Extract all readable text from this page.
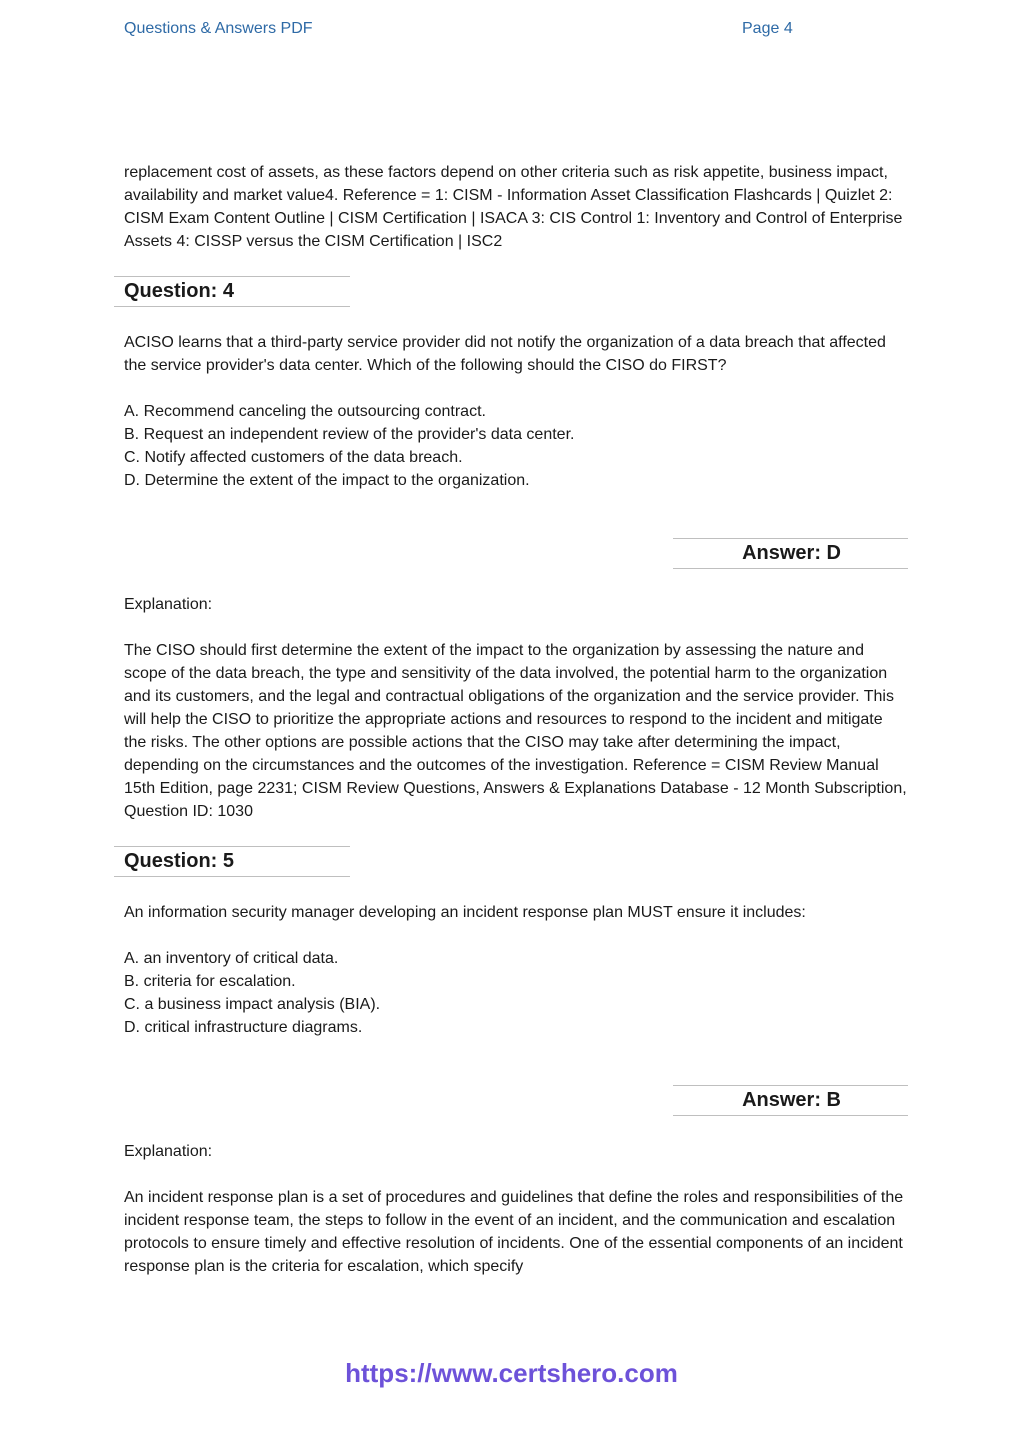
Questions & Answers PDF	Page 4

replacement cost of assets, as these factors depend on other criteria such as risk appetite, business impact, availability and market value4. Reference = 1: CISM - Information Asset Classification Flashcards | Quizlet 2: CISM Exam Content Outline | CISM Certification | ISACA 3: CIS Control 1: Inventory and Control of Enterprise Assets 4: CISSP versus the CISM Certification | ISC2

Question: 4

ACISO learns that a third-party service provider did not notify the organization of a data breach that affected the service provider's data center. Which of the following should the CISO do FIRST?

A. Recommend canceling the outsourcing contract.
B. Request an independent review of the provider's data center.
C. Notify affected customers of the data breach.
D. Determine the extent of the impact to the organization.
Answer: D

Explanation:

The CISO should first determine the extent of the impact to the organization by assessing the nature and scope of the data breach, the type and sensitivity of the data involved, the potential harm to the organization and its customers, and the legal and contractual obligations of the organization and the service provider. This will help the CISO to prioritize the appropriate actions and resources to respond to the incident and mitigate the risks. The other options are possible actions that the CISO may take after determining the impact, depending on the circumstances and the outcomes of the investigation. Reference = CISM Review Manual 15th Edition, page 2231; CISM Review Questions, Answers & Explanations Database - 12 Month Subscription, Question ID: 1030

Question: 5

An information security manager developing an incident response plan MUST ensure it includes:

A. an inventory of critical data.
B. criteria for escalation.
C. a business impact analysis (BIA).
D. critical infrastructure diagrams.
Answer: B

Explanation:

An incident response plan is a set of procedures and guidelines that define the roles and responsibilities of the incident response team, the steps to follow in the event of an incident, and the communication and escalation protocols to ensure timely and effective resolution of incidents. One of the essential components of an incident response plan is the criteria for escalation, which specify

https://www.certshero.com
